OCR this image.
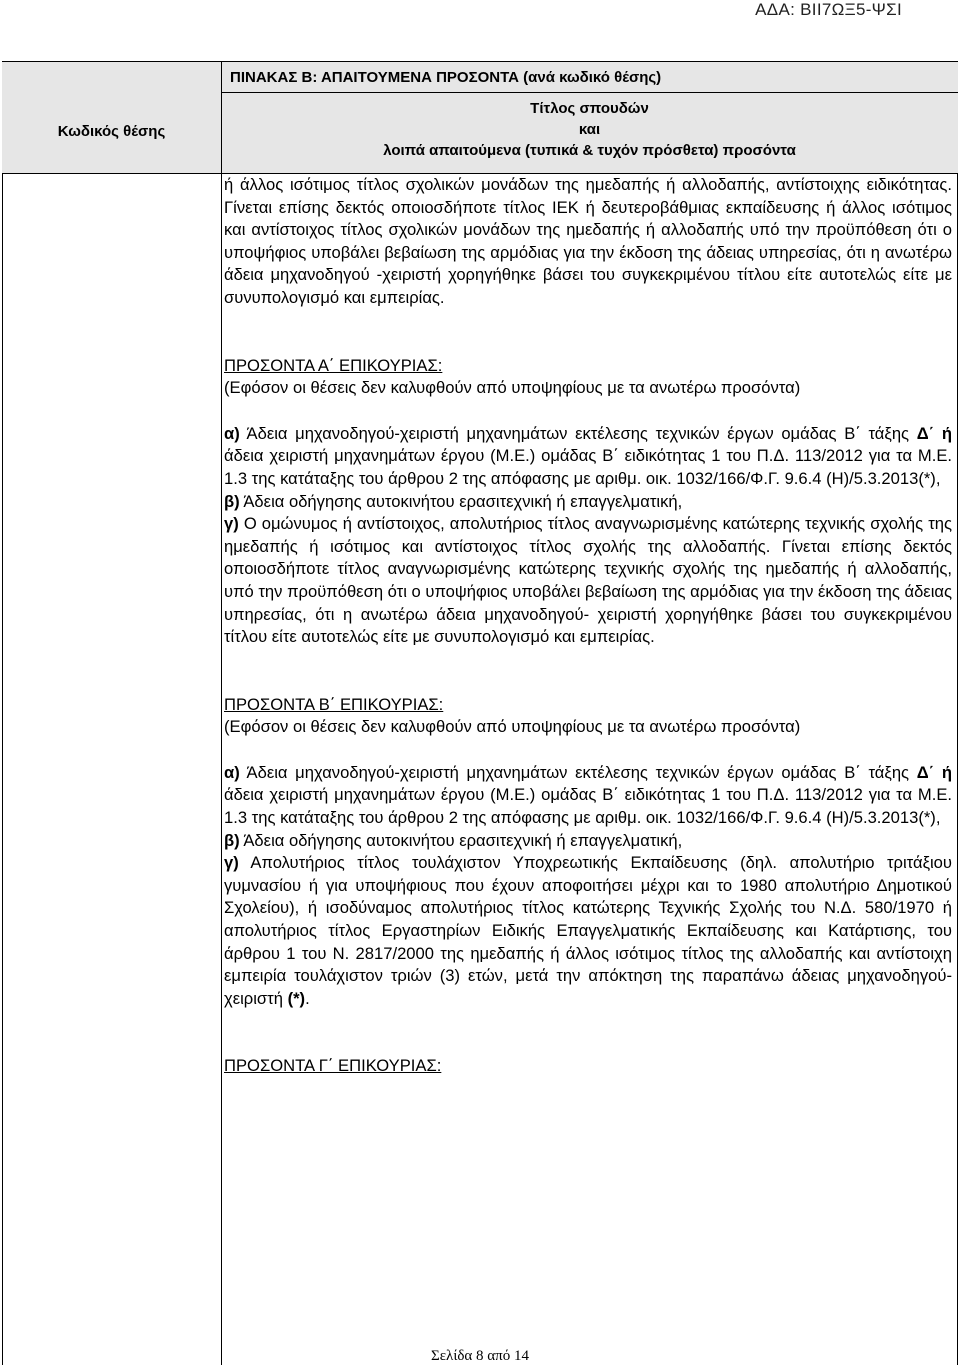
ΑΔΑ: ΒΙΙ7ΩΞ5-ΨΣΙ
Κωδικός θέσης
ΠΙΝΑΚΑΣ Β: ΑΠΑΙΤΟΥΜΕΝΑ ΠΡΟΣΟΝΤΑ (ανά κωδικό θέσης)
Τίτλος σπουδών
και
λοιπά απαιτούμενα (τυπικά & τυχόν πρόσθετα) προσόντα

ή άλλος ισότιμος τίτλος σχολικών μονάδων της ημεδαπής ή αλλοδαπής, αντίστοιχης ειδικότητας. Γίνεται επίσης δεκτός οποιοσδήποτε τίτλος ΙΕΚ ή δευτεροβάθμιας εκπαίδευσης ή άλλος ισότιμος και αντίστοιχος τίτλος σχολικών μονάδων της ημεδαπής ή αλλοδαπής υπό την προϋπόθεση ότι ο υποψήφιος υποβάλει βεβαίωση της αρμόδιας για την έκδοση της άδειας υπηρεσίας, ότι η ανωτέρω άδεια μηχανοδηγού -χειριστή χορηγήθηκε βάσει του συγκεκριμένου τίτλου είτε αυτοτελώς είτε με συνυπολογισμό και εμπειρίας.

ΠΡΟΣΟΝΤΑ Α΄ ΕΠΙΚΟΥΡΙΑΣ:

(Εφόσον οι θέσεις δεν καλυφθούν από υποψηφίους με τα ανωτέρω προσόντα)

α) Άδεια μηχανοδηγού-χειριστή μηχανημάτων εκτέλεσης τεχνικών έργων ομάδας Β΄ τάξης Δ΄ ή άδεια χειριστή μηχανημάτων έργου (Μ.Ε.) ομάδας Β΄ ειδικότητας 1 του Π.Δ. 113/2012 για τα Μ.Ε. 1.3 της κατάταξης του άρθρου 2 της απόφασης με αριθμ. οικ. 1032/166/Φ.Γ. 9.6.4 (Η)/5.3.2013(*),

β) Άδεια οδήγησης αυτοκινήτου ερασιτεχνική ή επαγγελματική,

γ) Ο ομώνυμος ή αντίστοιχος, απολυτήριος τίτλος αναγνωρισμένης κατώτερης τεχνικής σχολής της ημεδαπής ή ισότιμος και αντίστοιχος τίτλος σχολής της αλλοδαπής. Γίνεται επίσης δεκτός οποιοσδήποτε τίτλος αναγνωρισμένης κατώτερης τεχνικής σχολής της ημεδαπής ή αλλοδαπής, υπό την προϋπόθεση ότι ο υποψήφιος υποβάλει βεβαίωση της αρμόδιας για την έκδοση της άδειας υπηρεσίας, ότι η ανωτέρω άδεια μηχανοδηγού- χειριστή χορηγήθηκε βάσει του συγκεκριμένου τίτλου είτε αυτοτελώς είτε με συνυπολογισμό και εμπειρίας.

ΠΡΟΣΟΝΤΑ Β΄ ΕΠΙΚΟΥΡΙΑΣ:

(Εφόσον οι θέσεις δεν καλυφθούν από υποψηφίους με τα ανωτέρω προσόντα)

α) Άδεια μηχανοδηγού-χειριστή μηχανημάτων εκτέλεσης τεχνικών έργων ομάδας Β΄ τάξης Δ΄ ή άδεια χειριστή μηχανημάτων έργου (Μ.Ε.) ομάδας Β΄ ειδικότητας 1 του Π.Δ. 113/2012 για τα Μ.Ε. 1.3 της κατάταξης του άρθρου 2 της απόφασης με αριθμ. οικ. 1032/166/Φ.Γ. 9.6.4 (Η)/5.3.2013(*),

β) Άδεια οδήγησης αυτοκινήτου ερασιτεχνική ή επαγγελματική,

γ) Απολυτήριος τίτλος τουλάχιστον Υποχρεωτικής Εκπαίδευσης (δηλ. απολυτήριο τριτάξιου γυμνασίου ή για υποψήφιους που έχουν αποφοιτήσει μέχρι και το 1980 απολυτήριο Δημοτικού Σχολείου), ή ισοδύναμος απολυτήριος τίτλος κατώτερης Τεχνικής Σχολής του Ν.Δ. 580/1970 ή απολυτήριος τίτλος Εργαστηρίων Ειδικής Επαγγελματικής Εκπαίδευσης και Κατάρτισης, του άρθρου 1 του Ν. 2817/2000 της ημεδαπής ή άλλος ισότιμος τίτλος της αλλοδαπής και αντίστοιχη εμπειρία τουλάχιστον τριών (3) ετών, μετά την απόκτηση της παραπάνω άδειας μηχανοδηγού-χειριστή (*).

ΠΡΟΣΟΝΤΑ Γ΄ ΕΠΙΚΟΥΡΙΑΣ:

Σελίδα 8 από 14
